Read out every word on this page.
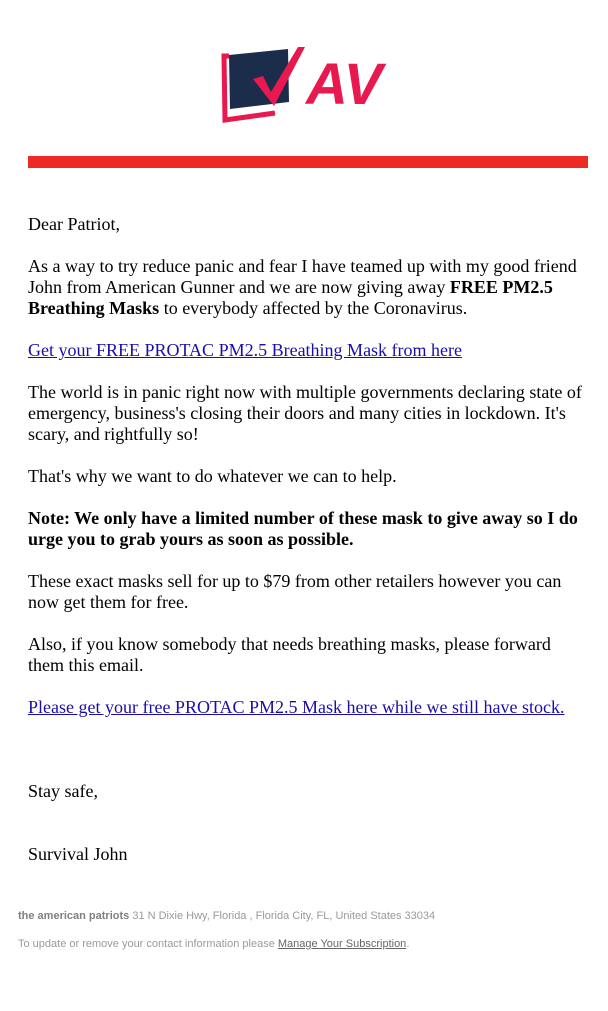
AV

Dear Patriot,

As a way to try reduce panic and fear I have teamed up with my good friend John from American Gunner and we are now giving away FREE PM2.5 Breathing Masks to everybody affected by the Coronavirus.

Get your FREE PROTAC PM2.5 Breathing Mask from here

The world is in panic right now with multiple governments declaring state of emergency, business's closing their doors and many cities in lockdown. It's scary, and rightfully so!

That's why we want to do whatever we can to help.

Note: We only have a limited number of these mask to give away so I do urge you to grab yours as soon as possible.

These exact masks sell for up to $79 from other retailers however you can now get them for free.

Also, if you know somebody that needs breathing masks, please forward them this email.

Please get your free PROTAC PM2.5 Mask here while we still have stock.

Stay safe,

Survival John

the american patriots 31 N Dixie Hwy, Florida , Florida City, FL, United States 33034
To update or remove your contact information please Manage Your Subscription.
